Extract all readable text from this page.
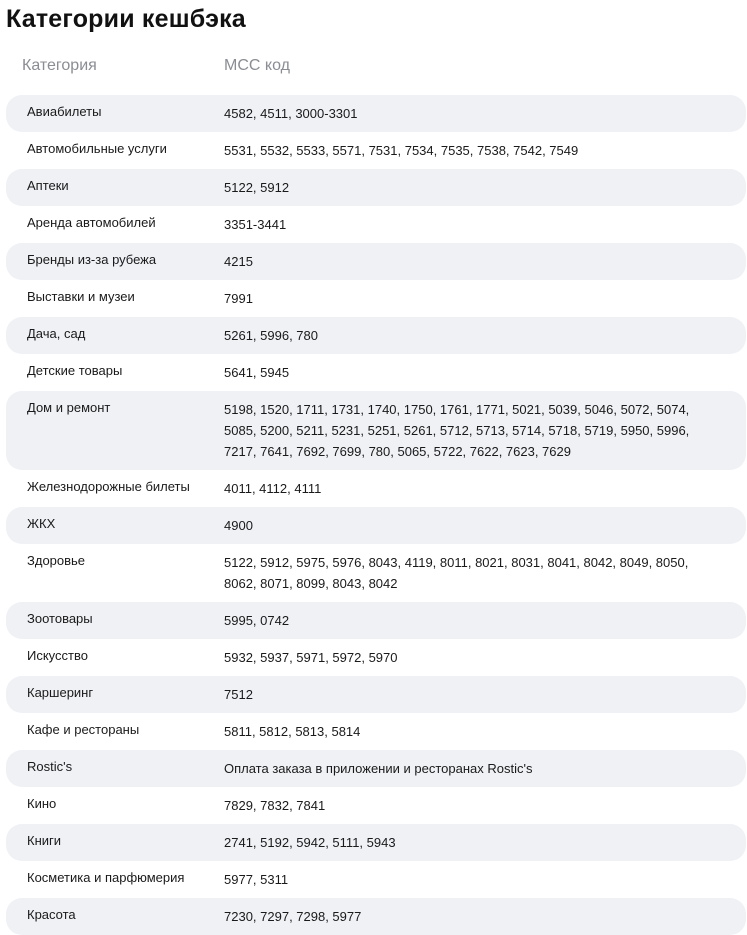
Категории кешбэка
Категория	MCC код
Авиабилеты	4582, 4511, 3000-3301
Автомобильные услуги	5531, 5532, 5533, 5571, 7531, 7534, 7535, 7538, 7542, 7549
Аптеки	5122, 5912
Аренда автомобилей	3351-3441
Бренды из-за рубежа	4215
Выставки и музеи	7991
Дача, сад	5261, 5996, 780
Детские товары	5641, 5945
Дом и ремонт	5198, 1520, 1711, 1731, 1740, 1750, 1761, 1771, 5021, 5039, 5046, 5072, 5074, 5085, 5200, 5211, 5231, 5251, 5261, 5712, 5713, 5714, 5718, 5719, 5950, 5996, 7217, 7641, 7692, 7699, 780, 5065, 5722, 7622, 7623, 7629
Железнодорожные билеты	4011, 4112, 4111
ЖКХ	4900
Здоровье	5122, 5912, 5975, 5976, 8043, 4119, 8011, 8021, 8031, 8041, 8042, 8049, 8050, 8062, 8071, 8099, 8043, 8042
Зоотовары	5995, 0742
Искусство	5932, 5937, 5971, 5972, 5970
Каршеринг	7512
Кафе и рестораны	5811, 5812, 5813, 5814
Rostic's	Оплата заказа в приложении и ресторанах Rostic's
Кино	7829, 7832, 7841
Книги	2741, 5192, 5942, 5111, 5943
Косметика и парфюмерия	5977, 5311
Красота	7230, 7297, 7298, 5977
